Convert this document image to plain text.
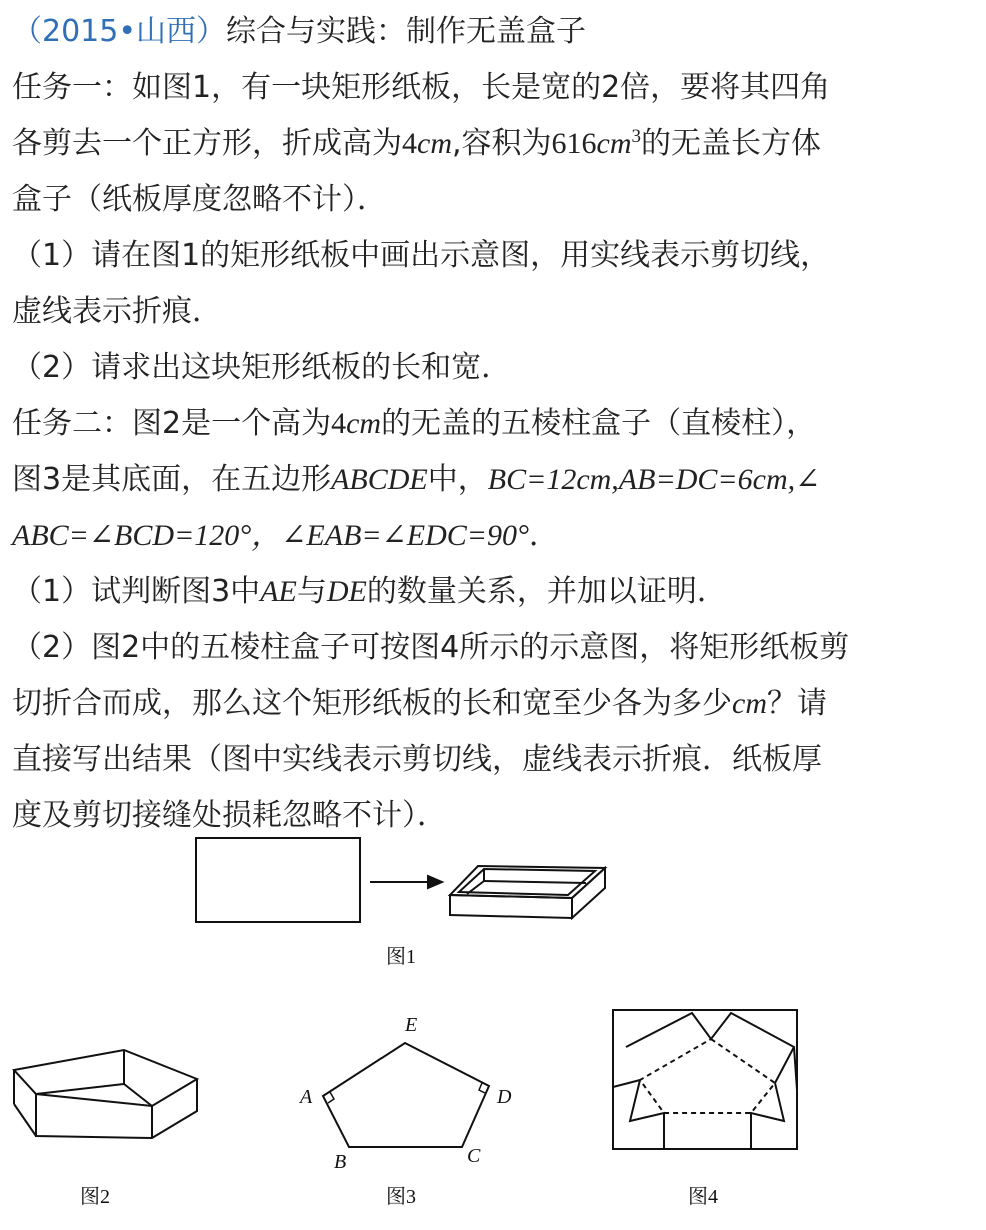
（2015•山西）综合与实践：制作无盖盒子
任务一：如图1，有一块矩形纸板，长是宽的2倍，要将其四角
各剪去一个正方形，折成高为4cm,容积为$616cm^3$的无盖长方体
盒子（纸板厚度忽略不计）．
（1）请在图1的矩形纸板中画出示意图，用实线表示剪切线，
虚线表示折痕．
（2）请求出这块矩形纸板的长和宽．
任务二：图2是一个高为4cm的无盖的五棱柱盒子（直棱柱），
图3是其底面，在五边形ABCDE中，BC=12cm,AB=DC=6cm,∠
ABC=∠BCD=120°，∠EAB=∠EDC=90°．
（1）试判断图3中AE与DE的数量关系，并加以证明．
（2）图2中的五棱柱盒子可按图4所示的示意图，将矩形纸板剪
切折合而成，那么这个矩形纸板的长和宽至少各为多少cm？请
直接写出结果（图中实线表示剪切线，虚线表示折痕．纸板厚
度及剪切接缝处损耗忽略不计）．
E
A	D
B	C
图1
图2	图3	图4
